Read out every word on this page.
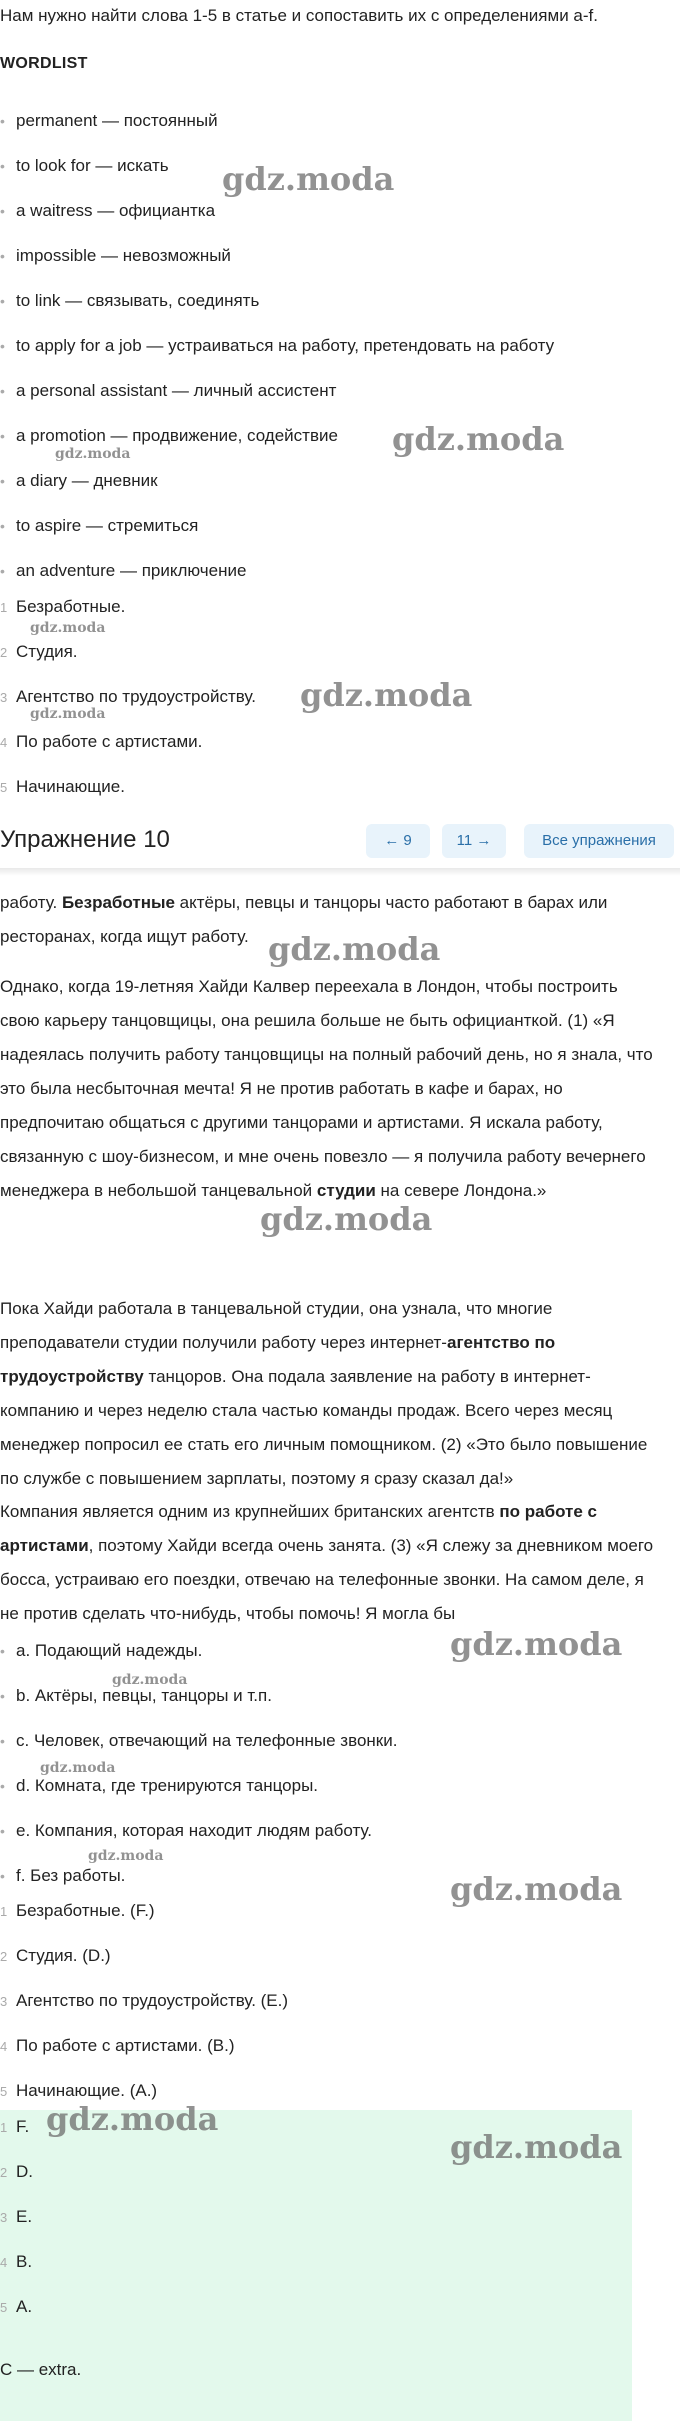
Нам нужно найти слова 1-5 в статье и сопоставить их с определениями a-f.
WORDLIST
• permanent — постоянный
• to look for — искать
• a waitress — официантка
• impossible — невозможный
• to link — связывать, соединять
• to apply for a job — устраиваться на работу, претендовать на работу
• a personal assistant — личный ассистент
• a promotion — продвижение, содействие
• a diary — дневник
• to aspire — стремиться
• an adventure — приключение
1 Безработные.
2 Студия.
3 Агентство по трудоустройству.
4 По работе с артистами.
5 Начинающие.
Упражнение 10	← 9	11 →	Все упражнения
работу. Безработные актёры, певцы и танцоры часто работают в барах или ресторанах, когда ищут работу.
Однако, когда 19-летняя Хайди Калвер переехала в Лондон, чтобы построить свою карьеру танцовщицы, она решила больше не быть официанткой. (1) «Я надеялась получить работу танцовщицы на полный рабочий день, но я знала, что это была несбыточная мечта! Я не против работать в кафе и барах, но предпочитаю общаться с другими танцорами и артистами. Я искала работу, связанную с шоу-бизнесом, и мне очень повезло — я получила работу вечернего менеджера в небольшой танцевальной студии на севере Лондона.»
Пока Хайди работала в танцевальной студии, она узнала, что многие преподаватели студии получили работу через интернет-агентство по трудоустройству танцоров. Она подала заявление на работу в интернет-компанию и через неделю стала частью команды продаж. Всего через месяц менеджер попросил ее стать его личным помощником. (2) «Это было повышение по службе с повышением зарплаты, поэтому я сразу сказал да!»
Компания является одним из крупнейших британских агентств по работе с артистами, поэтому Хайди всегда очень занята. (3) «Я слежу за дневником моего босса, устраиваю его поездки, отвечаю на телефонные звонки. На самом деле, я не против сделать что-нибудь, чтобы помочь! Я могла бы
• a. Подающий надежды.
• b. Актёры, певцы, танцоры и т.п.
• c. Человек, отвечающий на телефонные звонки.
• d. Комната, где тренируются танцоры.
• e. Компания, которая находит людям работу.
• f. Без работы.
1 Безработные. (F.)
2 Студия. (D.)
3 Агентство по трудоустройству. (E.)
4 По работе с артистами. (B.)
5 Начинающие. (A.)
1 F.
2 D.
3 E.
4 B.
5 A.
C — extra.
gdz.moda
gdz.moda
gdz.moda
gdz.moda
gdz.moda
gdz.moda
gdz.moda
gdz.moda
gdz.moda
gdz.moda
gdz.moda
gdz.moda
gdz.moda
gdz.moda
gdz.moda
